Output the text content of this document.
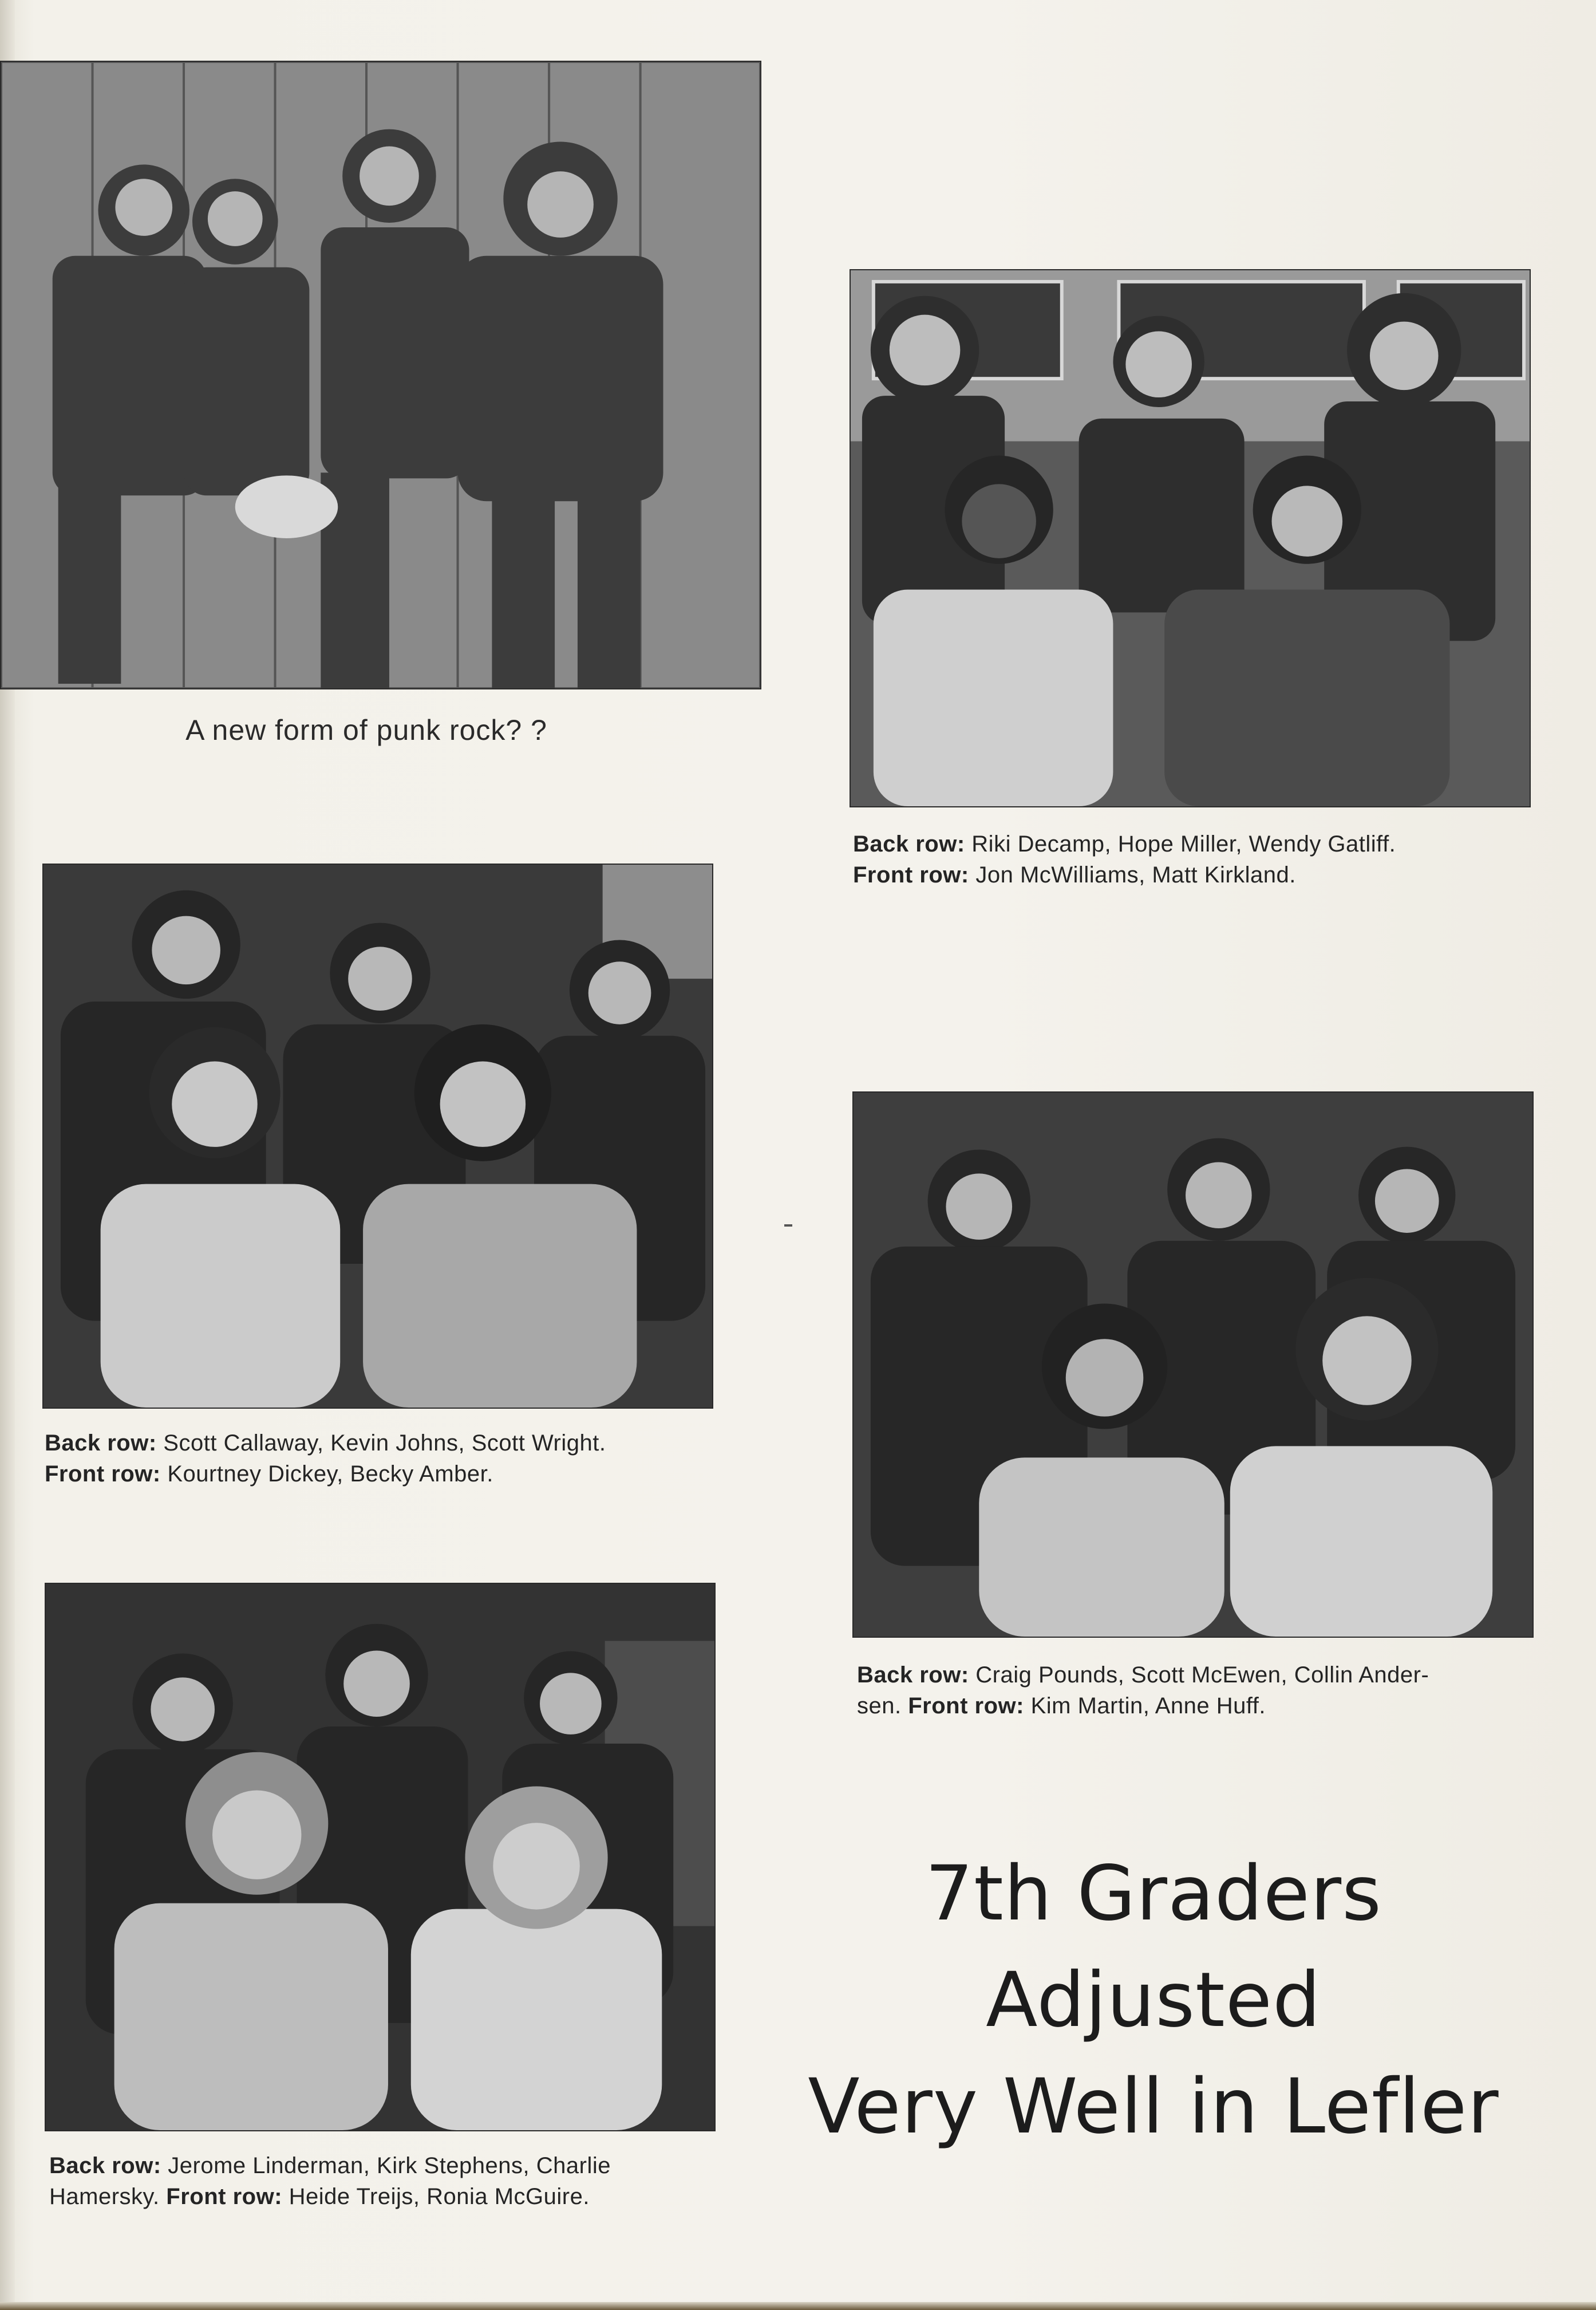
A new form of punk rock? ?
Back row: Riki Decamp, Hope Miller, Wendy Gatliff.
Front row: Jon McWilliams, Matt Kirkland.
Back row: Scott Callaway, Kevin Johns, Scott Wright.
Front row: Kourtney Dickey, Becky Amber.
Back row: Craig Pounds, Scott McEwen, Collin Ander-
sen. Front row: Kim Martin, Anne Huff.
Back row: Jerome Linderman, Kirk Stephens, Charlie
Hamersky. Front row: Heide Treijs, Ronia McGuire.
7th Graders Adjusted
Very Well in Lefler
